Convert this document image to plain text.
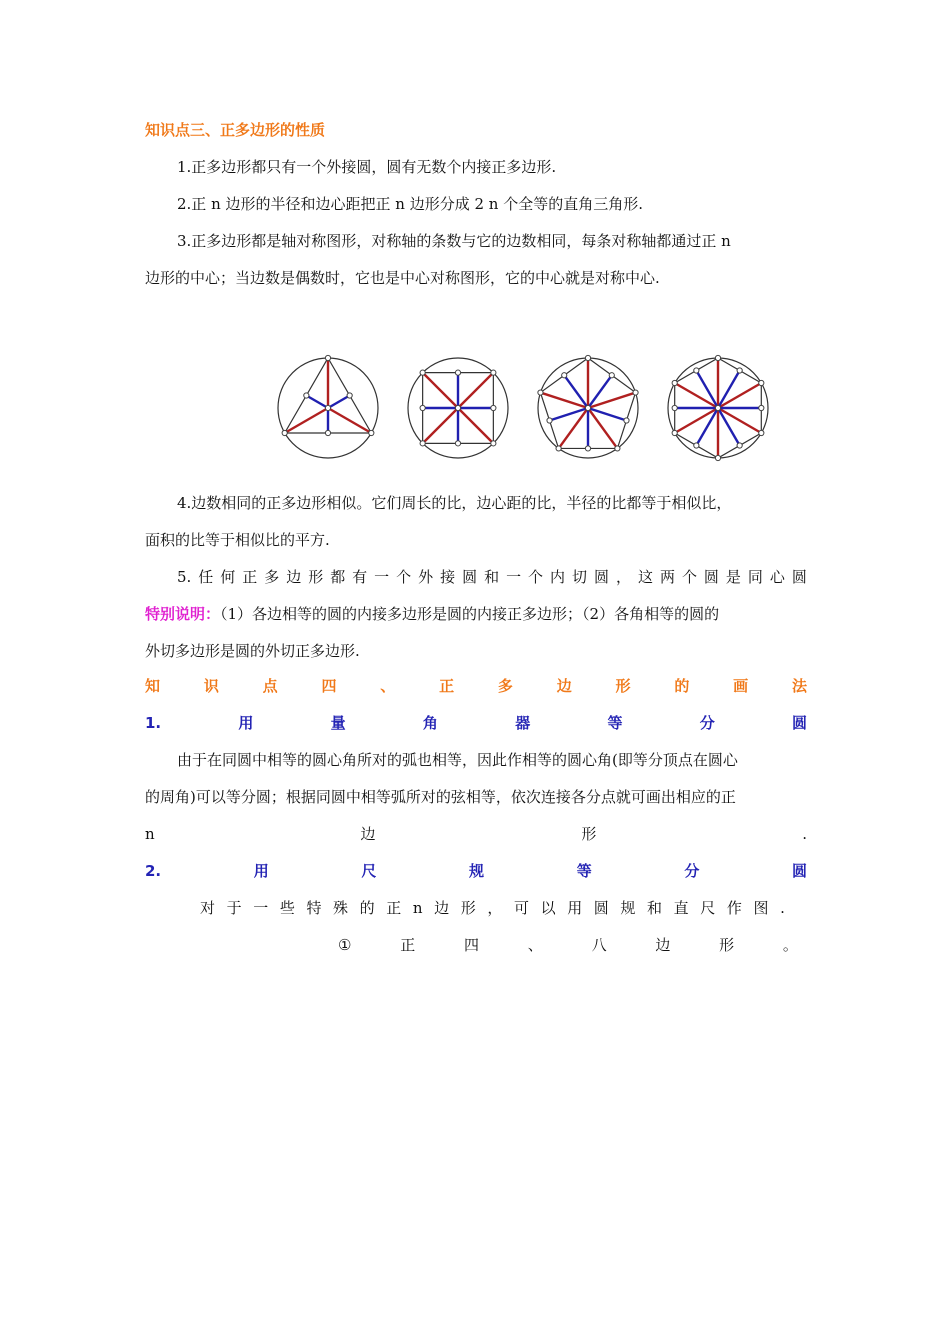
知识点三、正多边形的性质
1.正多边形都只有一个外接圆，圆有无数个内接正多边形.
2.正 n 边形的半径和边心距把正 n 边形分成 2 n 个全等的直角三角形.
3.正多边形都是轴对称图形，对称轴的条数与它的边数相同，每条对称轴都通过正 n
边形的中心；当边数是偶数时，它也是中心对称图形，它的中心就是对称中心.
4.边数相同的正多边形相似。它们周长的比，边心距的比，半径的比都等于相似比，
面积的比等于相似比的平方.
5. 任 何 正 多 边 形 都 有 一 个 外 接 圆 和 一 个 内 切 圆 ， 这 两 个 圆 是 同 心 圆
特别说明：（1）各边相等的圆的内接多边形是圆的内接正多边形；（2）各角相等的圆的
外切多边形是圆的外切正多边形.
知	识	点	四	、	正	多	边	形	的	画	法
1.	用	量	角	器	等	分	圆
由于在同圆中相等的圆心角所对的弧也相等，因此作相等的圆心角(即等分顶点在圆心
的周角)可以等分圆；根据同圆中相等弧所对的弦相等，依次连接各分点就可画出相应的正
n	边	形	.
2.	用	尺	规	等	分	圆
对 于 一 些 特 殊 的 正 n 边 形 ， 可 以 用 圆 规 和 直 尺 作 图 .
①	正	四	、	八	边	形	。
